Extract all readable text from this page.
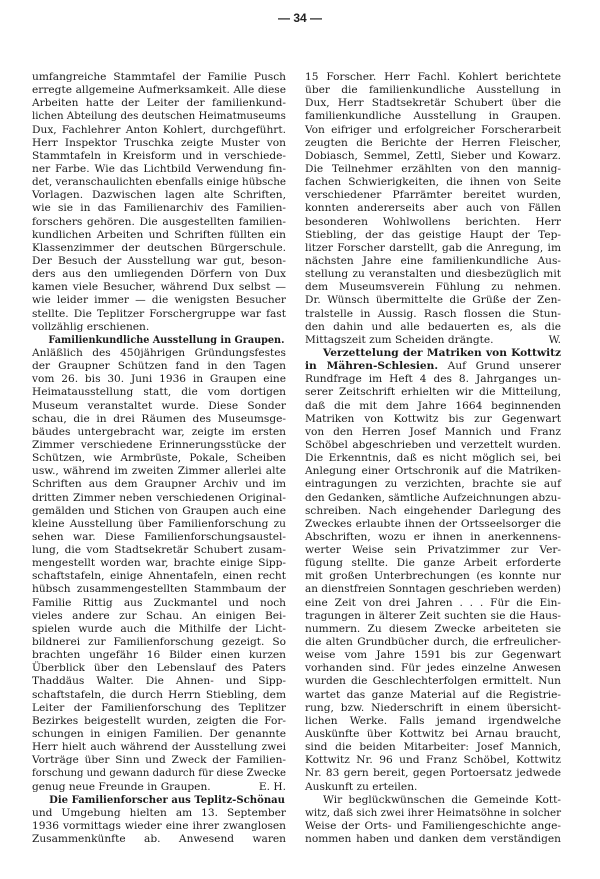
— 34 —
umfangreiche Stammtafel der Familie Pusch
erregte allgemeine Aufmerksamkeit. Alle diese
Arbeiten hatte der Leiter der familienkund-
lichen Abteilung des deutschen Heimatmuseums
Dux, Fachlehrer Anton Kohlert, durchgeführt.
Herr Inspektor Truschka zeigte Muster von
Stammtafeln in Kreisform und in verschiede-
ner Farbe. Wie das Lichtbild Verwendung fin-
det, veranschaulichten ebenfalls einige hübsche
Vorlagen. Dazwischen lagen alte Schriften,
wie sie in das Familienarchiv des Familien-
forschers gehören. Die ausgestellten familien-
kundlichen Arbeiten und Schriften füllten ein
Klassenzimmer der deutschen Bürgerschule.
Der Besuch der Ausstellung war gut, beson-
ders aus den umliegenden Dörfern von Dux
kamen viele Besucher, während Dux selbst —
wie leider immer — die wenigsten Besucher
stellte. Die Teplitzer Forschergruppe war fast
vollzählig erschienen.
Familienkundliche Ausstellung in Graupen.
Anläßlich des 450jährigen Gründungsfestes
der Graupner Schützen fand in den Tagen
vom 26. bis 30. Juni 1936 in Graupen eine
Heimatausstellung statt, die vom dortigen
Museum veranstaltet wurde. Diese Sonder
schau, die in drei Räumen des Museumsge-
bäudes untergebracht war, zeigte im ersten
Zimmer verschiedene Erinnerungsstücke der
Schützen, wie Armbrüste, Pokale, Scheiben
usw., während im zweiten Zimmer allerlei alte
Schriften aus dem Graupner Archiv und im
dritten Zimmer neben verschiedenen Original-
gemälden und Stichen von Graupen auch eine
kleine Ausstellung über Familienforschung zu
sehen war. Diese Familienforschungsaustel-
lung, die vom Stadtsekretär Schubert zusam-
mengestellt worden war, brachte einige Sipp-
schaftstafeln, einige Ahnentafeln, einen recht
hübsch zusammengestellten Stammbaum der
Familie Rittig aus Zuckmantel und noch
vieles andere zur Schau. An einigen Bei-
spielen wurde auch die Mithilfe der Licht-
bildnerei zur Familienforschung gezeigt. So
brachten ungefähr 16 Bilder einen kurzen
Überblick über den Lebenslauf des Paters
Thaddäus Walter. Die Ahnen- und Sipp-
schaftstafeln, die durch Herrn Stiebling, dem
Leiter der Familienforschung des Teplitzer
Bezirkes beigestellt wurden, zeigten die For-
schungen in einigen Familien. Der genannte
Herr hielt auch während der Ausstellung zwei
Vorträge über Sinn und Zweck der Familien-
forschung und gewann dadurch für diese Zwecke
genug neue Freunde in Graupen.	E. H.
Die Familienforscher aus Teplitz-Schönau
und Umgebung hielten am 13. September
1936 vormittags wieder eine ihrer zwanglosen
Zusammenkünfte ab. Anwesend waren
15 Forscher. Herr Fachl. Kohlert berichtete
über die familienkundliche Ausstellung in
Dux, Herr Stadtsekretär Schubert über die
familienkundliche Ausstellung in Graupen.
Von eifriger und erfolgreicher Forscherarbeit
zeugten die Berichte der Herren Fleischer,
Dobiasch, Semmel, Zettl, Sieber und Kowarz.
Die Teilnehmer erzählten von den mannig-
fachen Schwierigkeiten, die ihnen von Seite
verschiedener Pfarrämter bereitet wurden,
konnten andererseits aber auch von Fällen
besonderen Wohlwollens berichten. Herr
Stiebling, der das geistige Haupt der Tep-
litzer Forscher darstellt, gab die Anregung, im
nächsten Jahre eine familienkundliche Aus-
stellung zu veranstalten und diesbezüglich mit
dem Museumsverein Fühlung zu nehmen.
Dr. Wünsch übermittelte die Grüße der Zen-
tralstelle in Aussig. Rasch flossen die Stun-
den dahin und alle bedauerten es, als die
Mittagszeit zum Scheiden drängte.	W.
Verzettelung der Matriken von Kottwitz
in Mähren-Schlesien. Auf Grund unserer
Rundfrage im Heft 4 des 8. Jahrganges un-
serer Zeitschrift erhielten wir die Mitteilung,
daß die mit dem Jahre 1664 beginnenden
Matriken von Kottwitz bis zur Gegenwart
von den Herren Josef Mannich und Franz
Schöbel abgeschrieben und verzettelt wurden.
Die Erkenntnis, daß es nicht möglich sei, bei
Anlegung einer Ortschronik auf die Matriken-
eintragungen zu verzichten, brachte sie auf
den Gedanken, sämtliche Aufzeichnungen abzu-
schreiben. Nach eingehender Darlegung des
Zweckes erlaubte ihnen der Ortsseelsorger die
Abschriften, wozu er ihnen in anerkennens-
werter Weise sein Privatzimmer zur Ver-
fügung stellte. Die ganze Arbeit erforderte
mit großen Unterbrechungen (es konnte nur
an dienstfreien Sonntagen geschrieben werden)
eine Zeit von drei Jahren . . . Für die Ein-
tragungen in älterer Zeit suchten sie die Haus-
nummern. Zu diesem Zwecke arbeiteten sie
die alten Grundbücher durch, die erfreulicher-
weise vom Jahre 1591 bis zur Gegenwart
vorhanden sind. Für jedes einzelne Anwesen
wurden die Geschlechterfolgen ermittelt. Nun
wartet das ganze Material auf die Registrie-
rung, bzw. Niederschrift in einem übersicht-
lichen Werke. Falls jemand irgendwelche
Auskünfte über Kottwitz bei Arnau braucht,
sind die beiden Mitarbeiter: Josef Mannich,
Kottwitz Nr. 96 und Franz Schöbel, Kottwitz
Nr. 83 gern bereit, gegen Portoersatz jedwede
Auskunft zu erteilen.
Wir beglückwünschen die Gemeinde Kott-
witz, daß sich zwei ihrer Heimatsöhne in solcher
Weise der Orts- und Familiengeschichte ange-
nommen haben und danken dem verständigen
